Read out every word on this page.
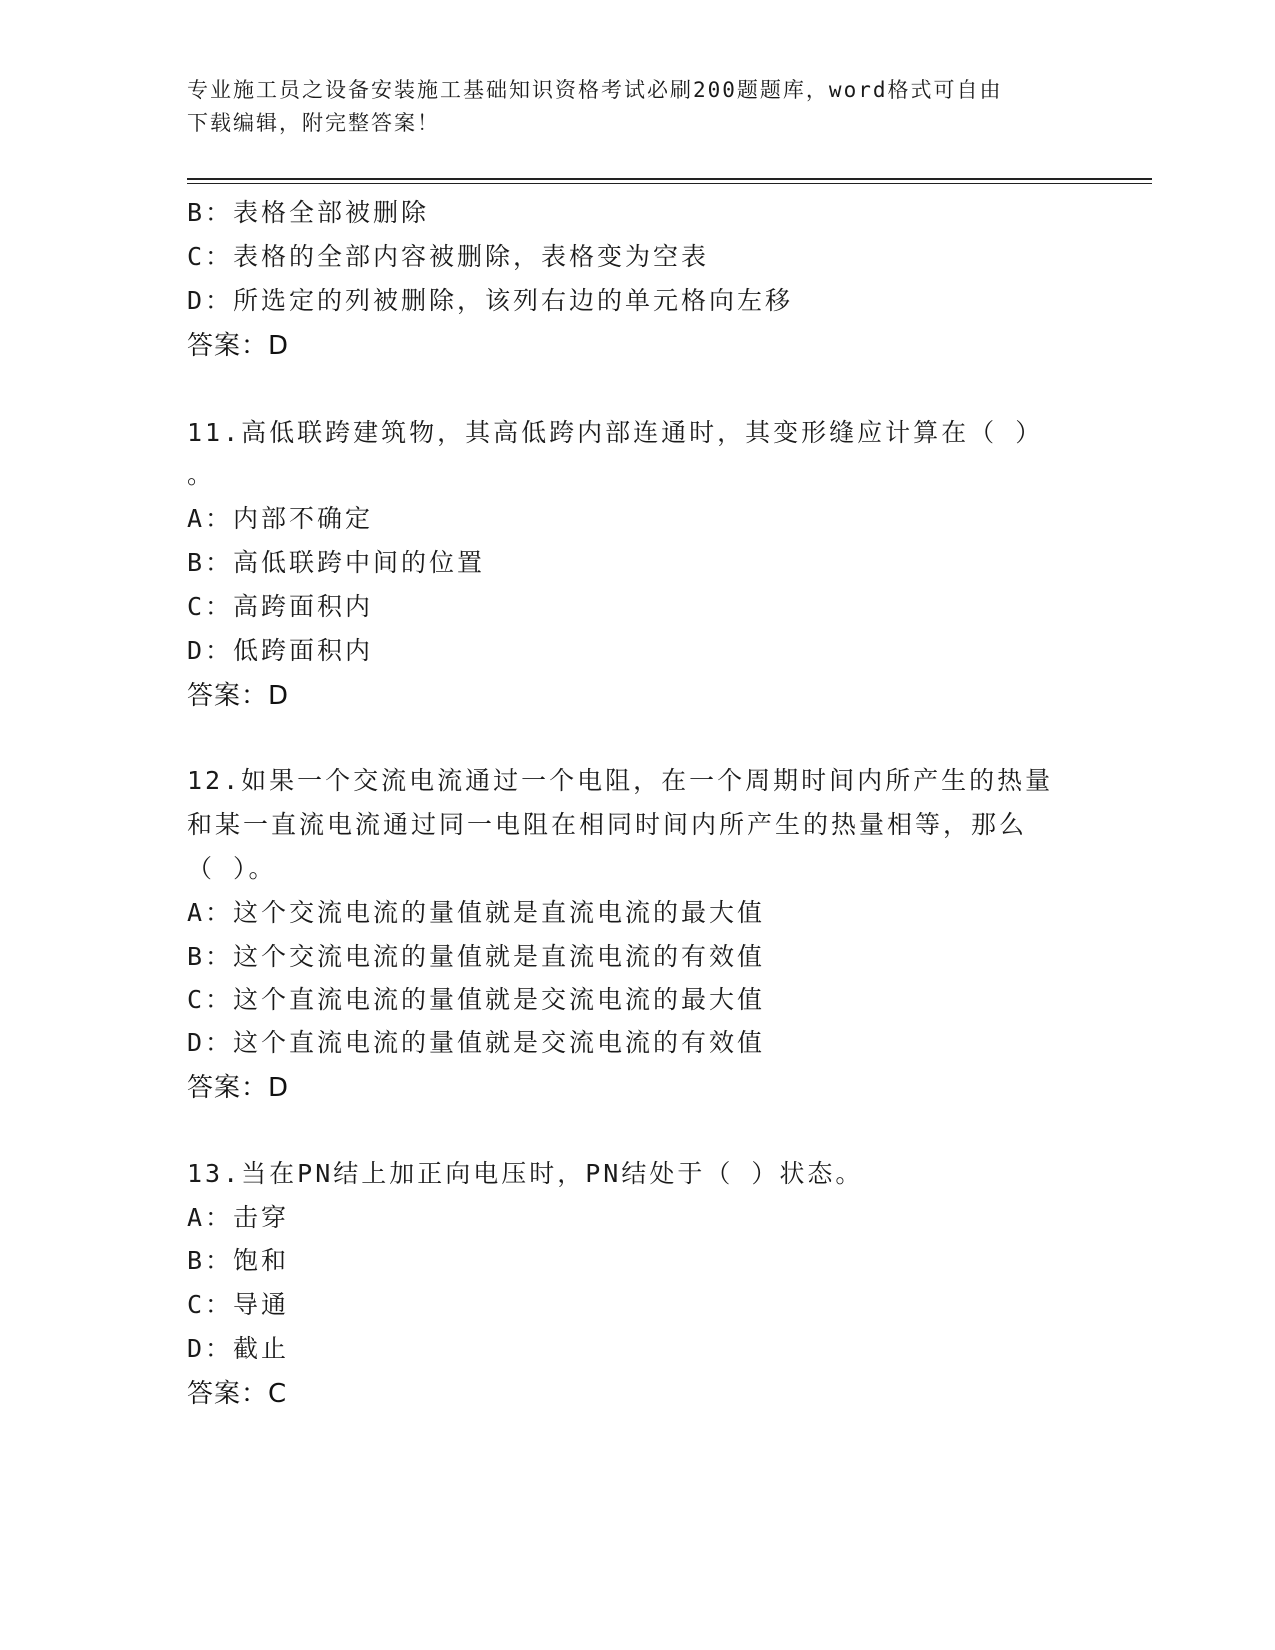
专业施工员之设备安装施工基础知识资格考试必刷200题题库，word格式可自由
下载编辑，附完整答案！
B：表格全部被删除
C：表格的全部内容被删除，表格变为空表
D：所选定的列被删除，该列右边的单元格向左移
答案：D
11.高低联跨建筑物，其高低跨内部连通时，其变形缝应计算在（ ）
。
A：内部不确定
B：高低联跨中间的位置
C：高跨面积内
D：低跨面积内
答案：D
12.如果一个交流电流通过一个电阻，在一个周期时间内所产生的热量
和某一直流电流通过同一电阻在相同时间内所产生的热量相等，那么
（ ）。
A：这个交流电流的量值就是直流电流的最大值
B：这个交流电流的量值就是直流电流的有效值
C：这个直流电流的量值就是交流电流的最大值
D：这个直流电流的量值就是交流电流的有效值
答案：D
13.当在PN结上加正向电压时，PN结处于（ ）状态。
A：击穿
B：饱和
C：导通
D：截止
答案：C
